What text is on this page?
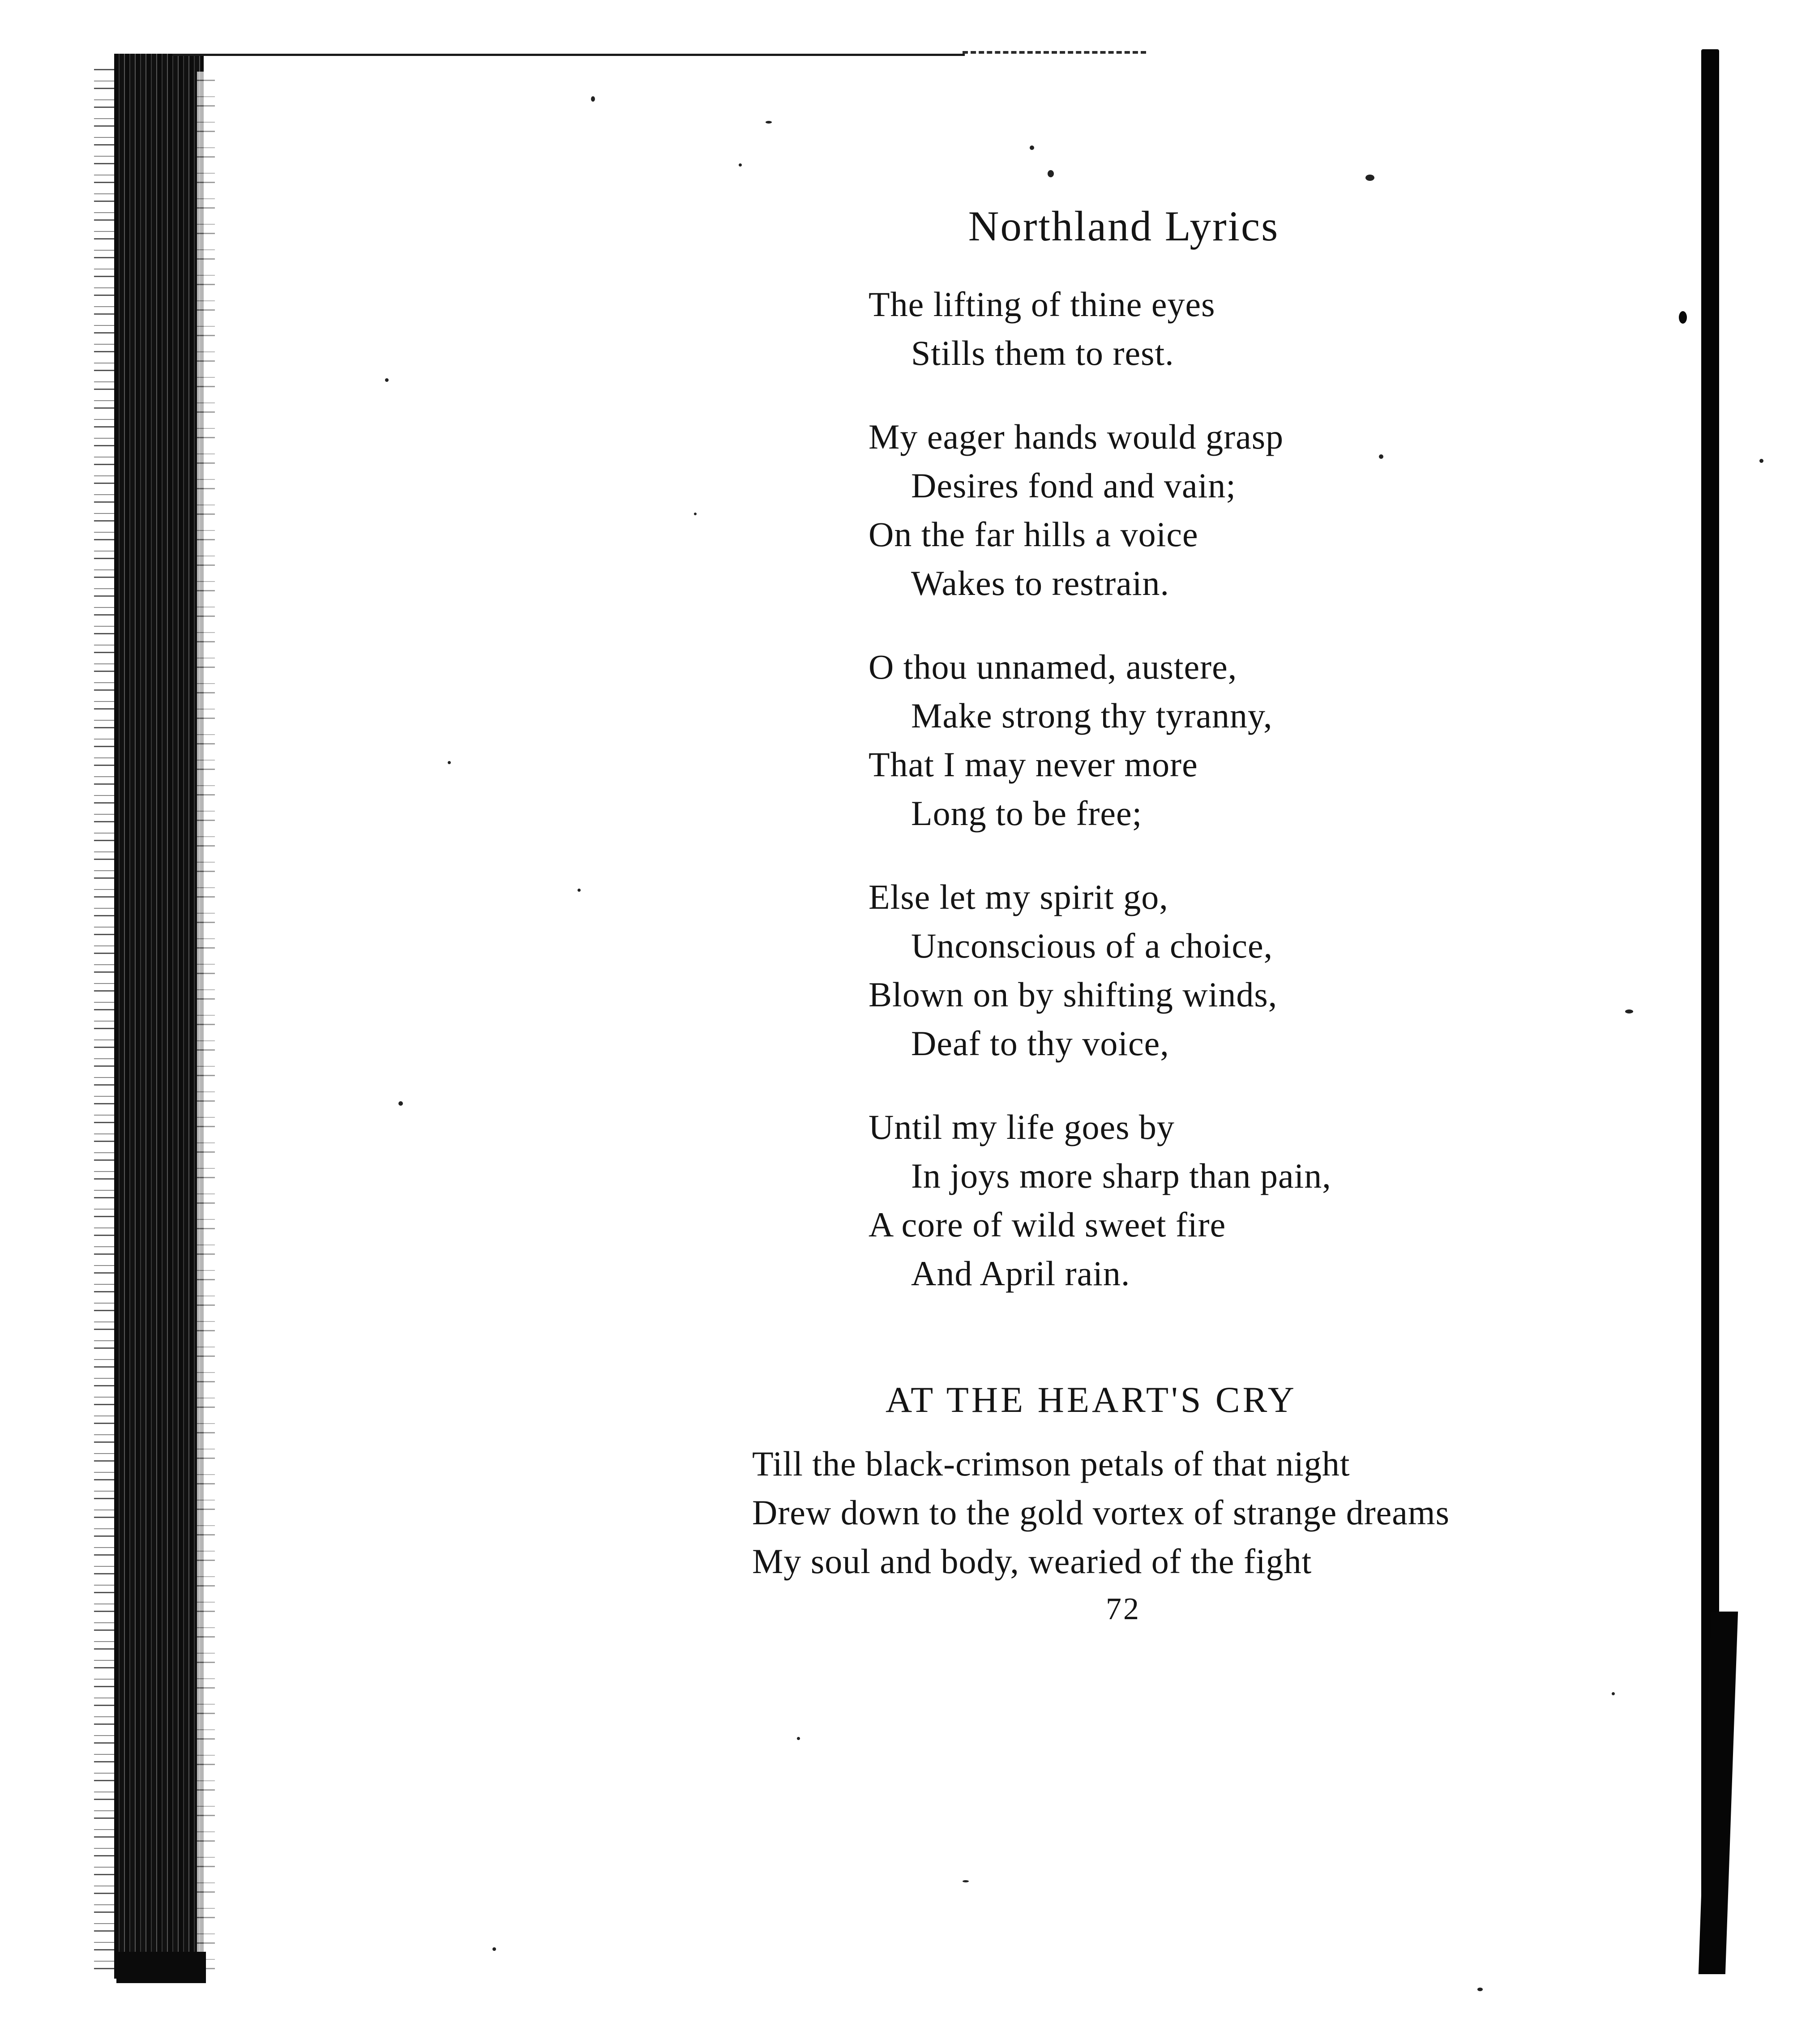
Northland Lyrics

The lifting of thine eyes

Stills them to rest.

My eager hands would grasp

Desires fond and vain;

On the far hills a voice

Wakes to restrain.

O thou unnamed, austere,

Make strong thy tyranny,

That I may never more

Long to be free;

Else let my spirit go,

Unconscious of a choice,

Blown on by shifting winds,

Deaf to thy voice,

Until my life goes by

In joys more sharp than pain,

A core of wild sweet fire

And April rain.

AT THE HEART'S CRY

Till the black-crimson petals of that night

Drew down to the gold vortex of strange dreams

My soul and body, wearied of the fight

72
